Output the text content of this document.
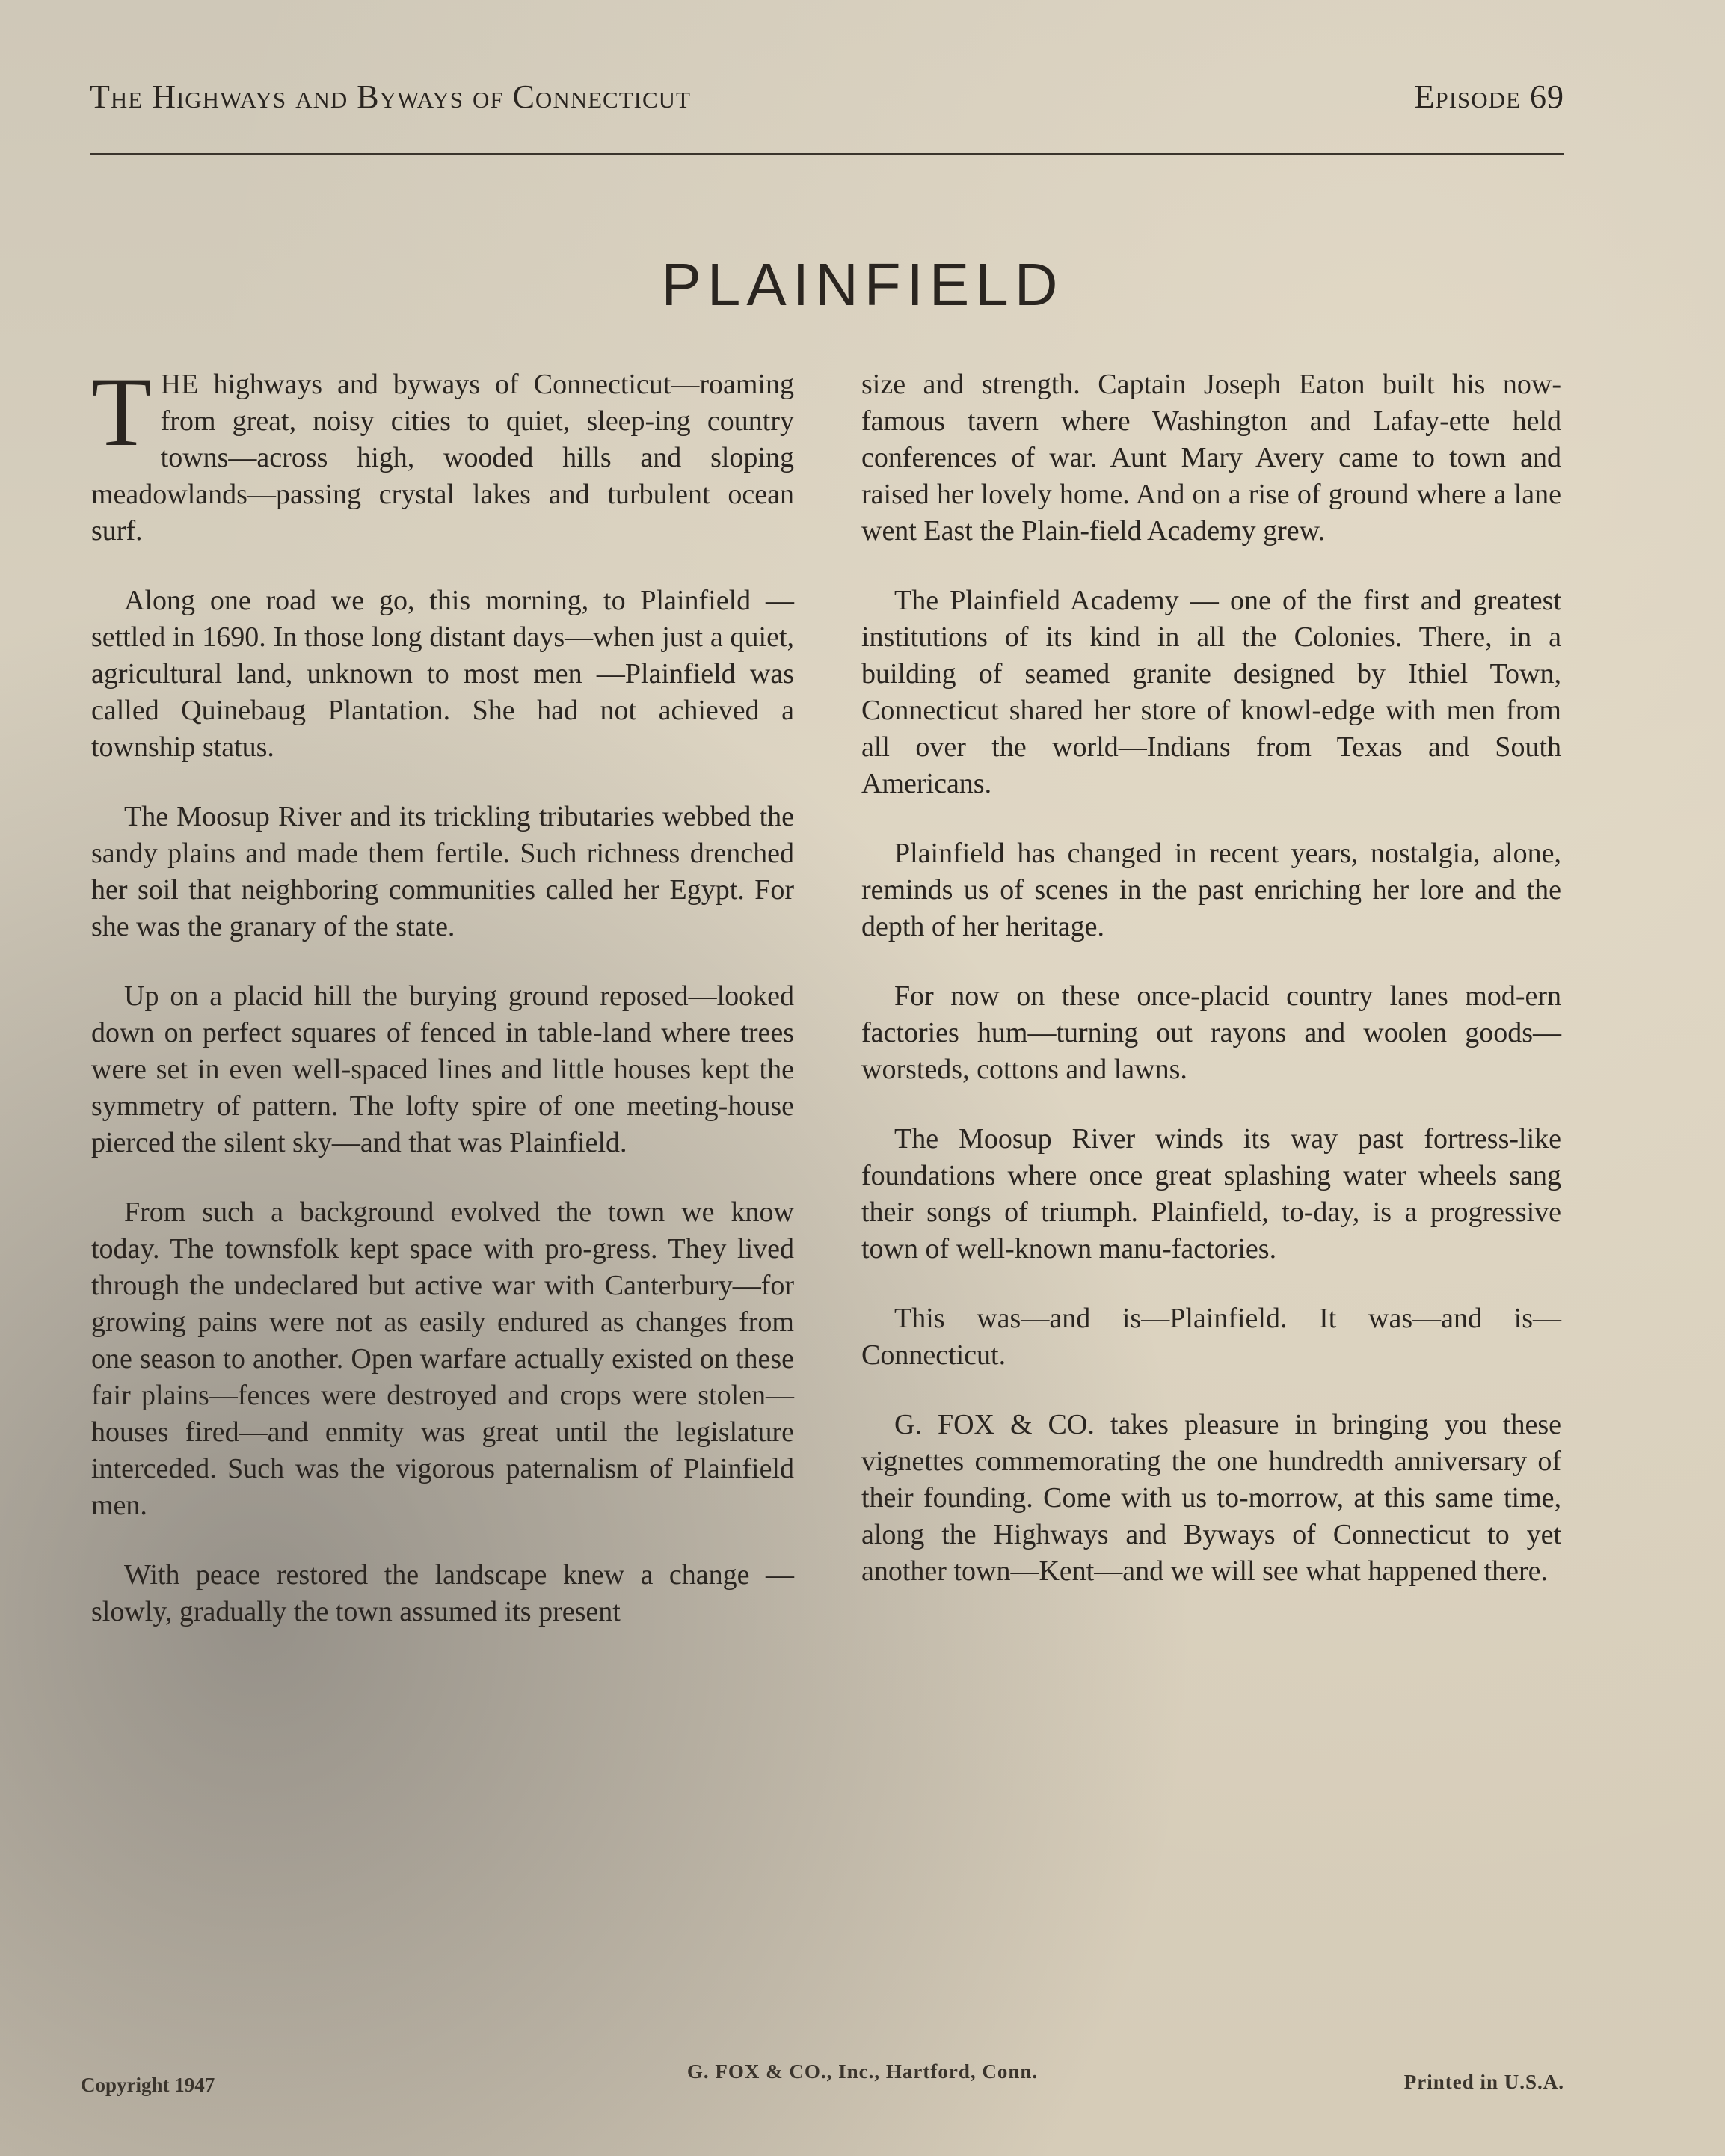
The Highways and Byways of Connecticut	Episode 69
PLAINFIELD

THE highways and byways of Connecticut—roaming from great, noisy cities to quiet, sleep-ing country towns—across high, wooded hills and sloping meadowlands—passing crystal lakes and turbulent ocean surf.

Along one road we go, this morning, to Plainfield —settled in 1690. In those long distant days—when just a quiet, agricultural land, unknown to most men —Plainfield was called Quinebaug Plantation. She had not achieved a township status.

The Moosup River and its trickling tributaries webbed the sandy plains and made them fertile. Such richness drenched her soil that neighboring communities called her Egypt. For she was the granary of the state.

Up on a placid hill the burying ground reposed—looked down on perfect squares of fenced in table-land where trees were set in even well-spaced lines and little houses kept the symmetry of pattern. The lofty spire of one meeting-house pierced the silent sky—and that was Plainfield.

From such a background evolved the town we know today. The townsfolk kept space with pro-gress. They lived through the undeclared but active war with Canterbury—for growing pains were not as easily endured as changes from one season to another. Open warfare actually existed on these fair plains—fences were destroyed and crops were stolen—houses fired—and enmity was great until the legislature interceded. Such was the vigorous paternalism of Plainfield men.

With peace restored the landscape knew a change —slowly, gradually the town assumed its present

size and strength. Captain Joseph Eaton built his now-famous tavern where Washington and Lafay-ette held conferences of war. Aunt Mary Avery came to town and raised her lovely home. And on a rise of ground where a lane went East the Plain-field Academy grew.

The Plainfield Academy — one of the first and greatest institutions of its kind in all the Colonies. There, in a building of seamed granite designed by Ithiel Town, Connecticut shared her store of knowl-edge with men from all over the world—Indians from Texas and South Americans.

Plainfield has changed in recent years, nostalgia, alone, reminds us of scenes in the past enriching her lore and the depth of her heritage.

For now on these once-placid country lanes mod-ern factories hum—turning out rayons and woolen goods—worsteds, cottons and lawns.

The Moosup River winds its way past fortress-like foundations where once great splashing water wheels sang their songs of triumph. Plainfield, to-day, is a progressive town of well-known manu-factories.

This was—and is—Plainfield. It was—and is—Connecticut.

G. FOX & CO. takes pleasure in bringing you these vignettes commemorating the one hundredth anniversary of their founding. Come with us to-morrow, at this same time, along the Highways and Byways of Connecticut to yet another town—Kent—and we will see what happened there.

Copyright 1947
G. FOX & CO., Inc., Hartford, Conn.	Printed in U.S.A.
